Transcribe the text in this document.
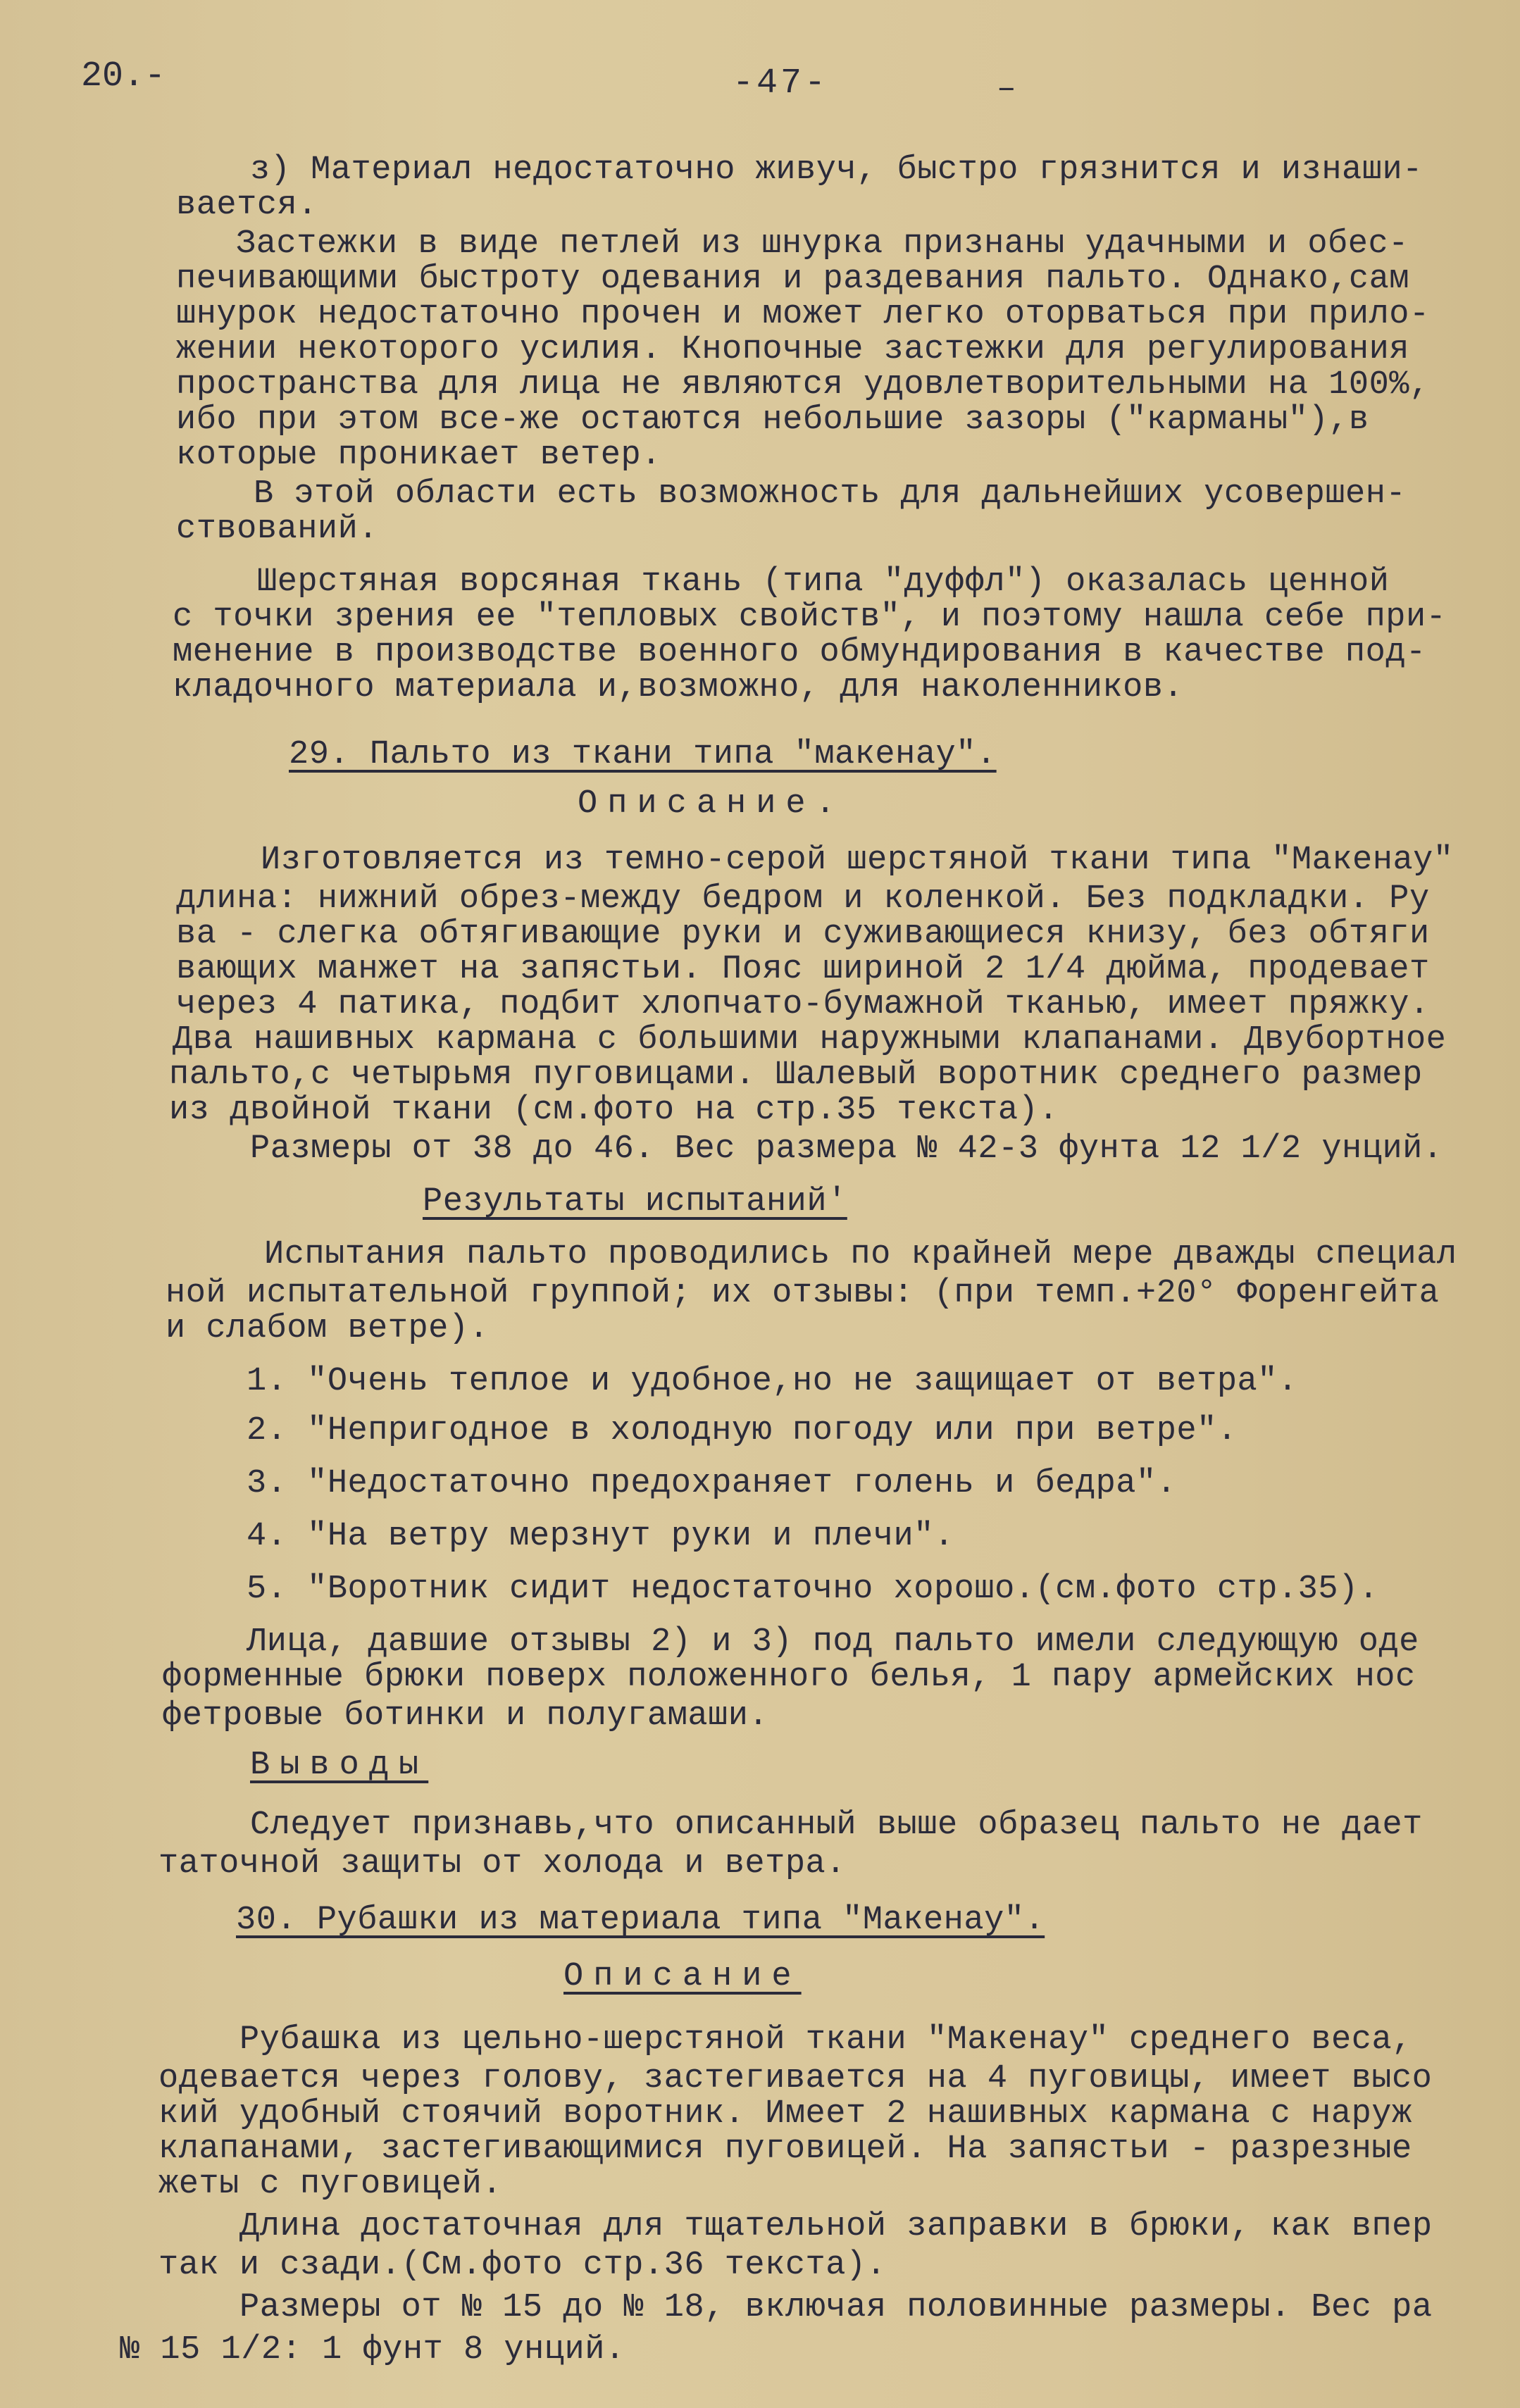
20.-	-47-	–
з) Материал недостаточно живуч, быстро грязнится и изнаши-
вается.
Застежки в виде петлей из шнурка признаны удачными и обес-
печивающими быстроту одевания и раздевания пальто. Однако,сам
шнурок недостаточно прочен и может легко оторваться при прило-
жении некоторого усилия. Кнопочные застежки для регулирования
пространства для лица не являются удовлетворительными на 100%,
ибо при этом все-же остаются небольшие зазоры ("карманы"),в
которые проникает ветер.
В этой области есть возможность для дальнейших усовершен-
ствований.
Шерстяная ворсяная ткань (типа "дуффл") оказалась ценной
с точки зрения ее "тепловых свойств", и поэтому нашла себе при-
менение в производстве военного обмундирования в качестве под-
кладочного материала и,возможно, для наколенников.
29. Пальто из ткани типа "макенау".
Описание.
Изготовляется из темно-серой шерстяной ткани типа "Макенау"
длина: нижний обрез-между бедром и коленкой. Без подкладки. Ру
ва - слегка обтягивающие руки и суживающиеся книзу, без обтяги
вающих манжет на запястьи. Пояс шириной 2 1/4 дюйма, продевает
через 4 патика, подбит хлопчато-бумажной тканью, имеет пряжку.
Два нашивных кармана с большими наружными клапанами. Двубортное
пальто,с четырьмя пуговицами. Шалевый воротник среднего размер
из двойной ткани (см.фото на стр.35 текста).
Размеры от 38 до 46. Вес размера № 42-3 фунта 12 1/2 унций.
Результаты испытаний'
Испытания пальто проводились по крайней мере дважды специал
ной испытательной группой; их отзывы: (при темп.+20° Форенгейта
и слабом ветре).
1. "Очень теплое и удобное,но не защищает от ветра".
2. "Непригодное в холодную погоду или при ветре".
3. "Недостаточно предохраняет голень и бедра".
4. "На ветру мерзнут руки и плечи".
5. "Воротник сидит недостаточно хорошо.(см.фото стр.35).
Лица, давшие отзывы 2) и 3) под пальто имели следующую оде
форменные брюки поверх положенного белья, 1 пару армейских нос
фетровые ботинки и полугамаши.
Выводы
Следует признавь,что описанный выше образец пальто не дает
таточной защиты от холода и ветра.
30. Рубашки из материала типа "Макенау".
Описание
Рубашка из цельно-шерстяной ткани "Макенау" среднего веса,
одевается через голову, застегивается на 4 пуговицы, имеет высо
кий удобный стоячий воротник. Имеет 2 нашивных кармана с наруж
клапанами, застегивающимися пуговицей. На запястьи - разрезные
жеты с пуговицей.
Длина достаточная для тщательной заправки в брюки, как впер
так и сзади.(См.фото стр.36 текста).
Размеры от № 15 до № 18, включая половинные размеры. Вес ра
№ 15 1/2: 1 фунт 8 унций.
